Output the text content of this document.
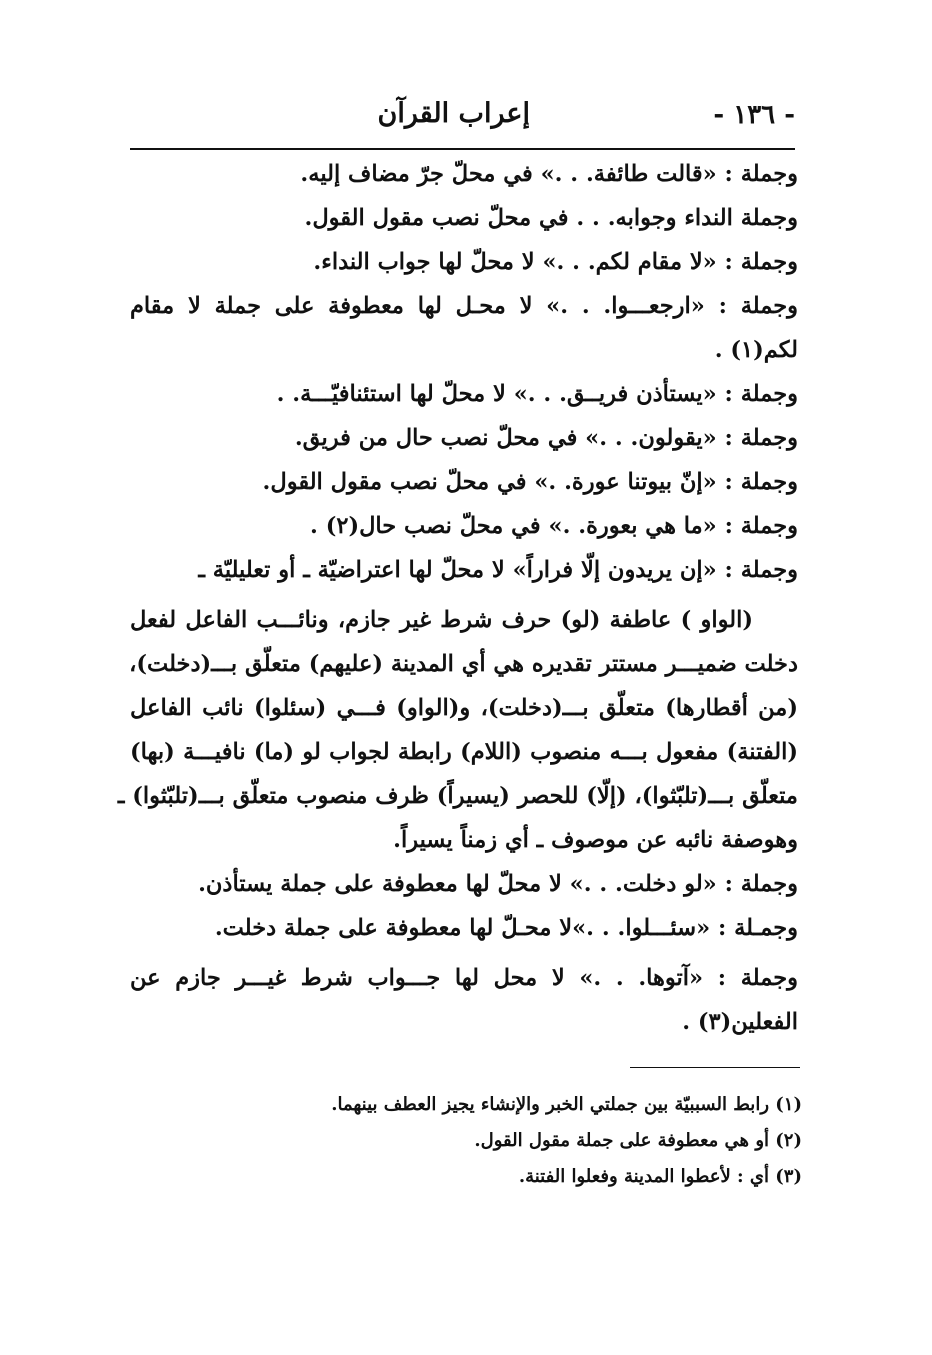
- ١٣٦ -
إعراب القرآن
وجملة : «قالت طائفة. . .» في محلّ جرّ مضاف إليه.
وجملة النداء وجوابه. . . في محلّ نصب مقول القول.
وجملة : «لا مقام لكم. . .» لا محلّ لها جواب النداء.
وجملة : «ارجعـــوا. . .» لا محـل لها معطوفة على جملة لا مقام
لكم(١) .
وجملة : «يستأذن فريــق. . .» لا محلّ لها استئنافيّـــة. .
وجملة : «يقولون. . .» في محلّ نصب حال من فريق.
وجملة : «إنّ بيوتنا عورة. .» في محلّ نصب مقول القول.
وجملة : «ما هي بعورة. .» في محلّ نصب حال(٢) .
وجملة : «إن يريدون إلّا فراراً» لا محلّ لها اعتراضيّة ـ أو تعليليّة ـ
(الواو ) عاطفة (لو) حرف شرط غير جازم، ونائـــب الفاعل لفعل
دخلت ضميـــر مستتر تقديره هي أي المدينة (عليهم) متعلّق بـــ(دخلت)،
(من أقطارها) متعلّق بـــ(دخلت)، و(الواو) فـــي (سئلوا) نائب الفاعل
(الفتنة) مفعول بـــه منصوب (اللام) رابطة لجواب لو (ما) نافيـــة (بها)
متعلّق بـــ(تلبّثوا)، (إلّا) للحصر (يسيراً) ظرف منصوب متعلّق بـــ(تلبّثوا) ـ
وهوصفة نائبه عن موصوف ـ أي زمناً يسيراً.
وجملة : «لو دخلت. . .» لا محلّ لها معطوفة على جملة يستأذن.
وجمـلة : «سئـــلوا. . .»لا محـلّ لها معطوفة على جملة دخلت.
وجملة : «آتوها. . .» لا محل لها جـــواب شرط غيـــر جازم عن
الفعلين(٣) .
(١) رابط السببيّة بين جملتي الخبر والإنشاء يجيز العطف بينهما.
(٢) أو هي معطوفة على جملة مقول القول.
(٣) أي : لأعطوا المدينة وفعلوا الفتنة.
